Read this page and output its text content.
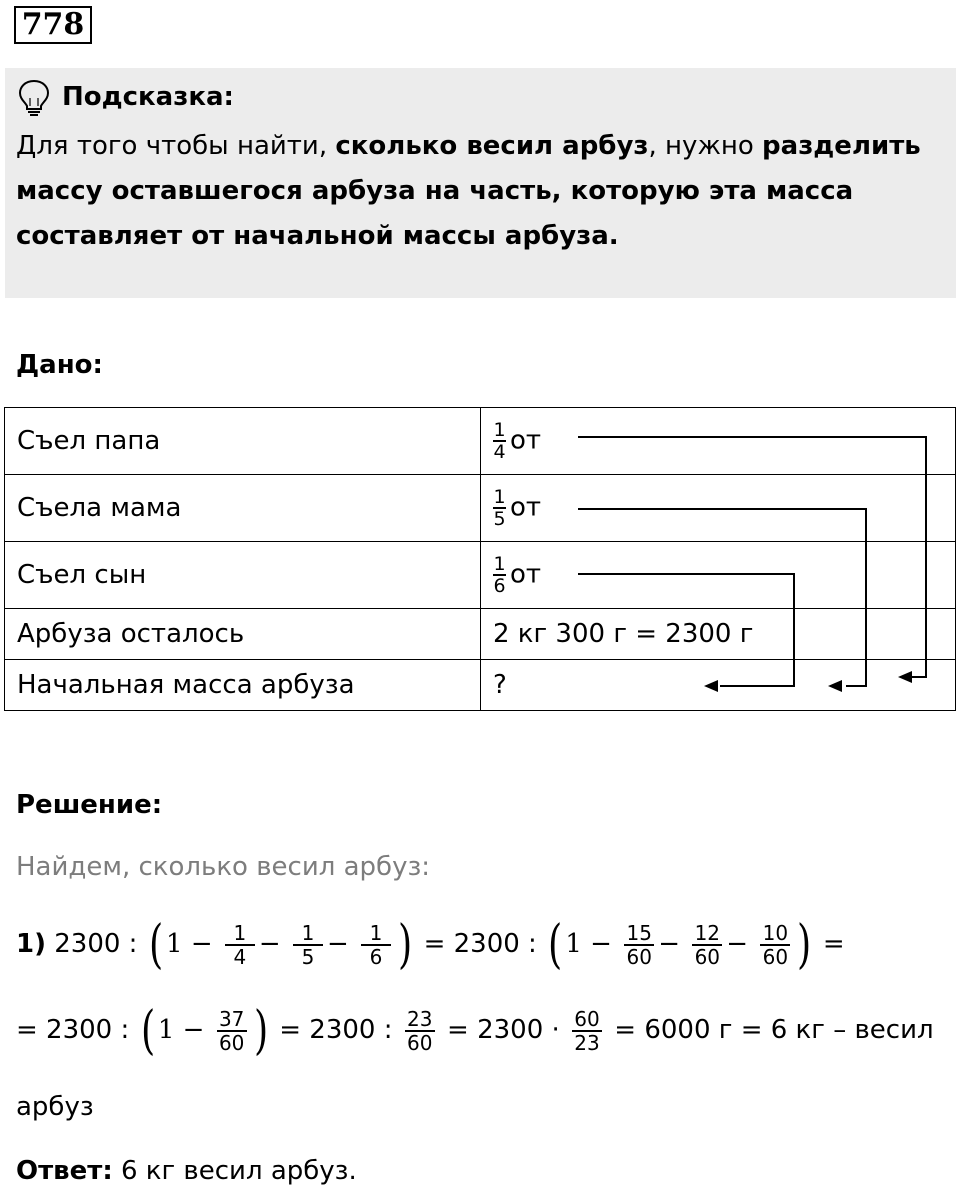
778
Подсказка:
Для того чтобы найти, сколько весил арбуз, нужно разделить массу оставшегося арбуза на часть, которую эта масса составляет от начальной массы арбуза.
Дано:
Съел папа	$\frac{1}{4}$ от
Съела мама	$\frac{1}{5}$ от
Съел сын	$\frac{1}{6}$ от
Арбуза осталось	2 кг 300 г = 2300 г
Начальная масса арбуза	?
Решение:
Найдем, сколько весил арбуз:
1) 2300 : ( $1 - \frac{1}{4} - \frac{1}{5} - \frac{1}{6}$ ) = 2300 : ( $1 - \frac{15}{60} - \frac{12}{60} - \frac{10}{60}$ ) =
= 2300 : ( $1 - \frac{37}{60}$ ) = 2300 : $\frac{23}{60} = 2300 \cdot \frac{60}{23} = 6000$ г = 6 кг – весил
арбуз
Ответ: 6 кг весил арбуз.
